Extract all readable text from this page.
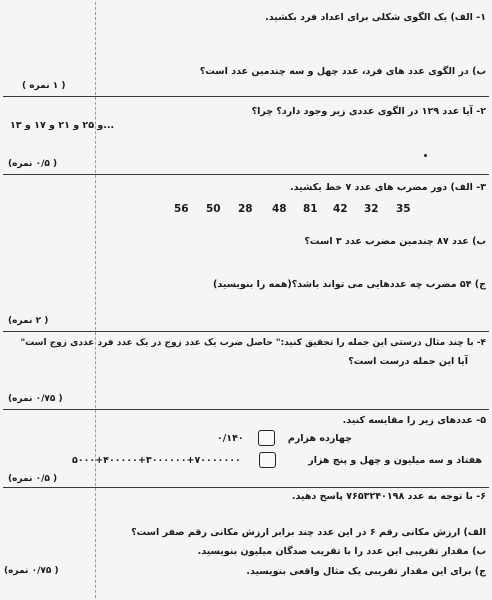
۱- الف) یک الگوی شکلی برای اعداد فرد بکشید.
ب) در الگوی عدد های فرد، عدد چهل و سه چندمین عدد است؟
( ۱ نمره )
۲- آیا عدد ۱۲۹ در الگوی عددی زیر وجود دارد؟ چرا؟
...و ۲۵ و ۲۱ و ۱۷ و ۱۳
( ۰/۵ نمره)
۳- الف) دور مضرب های عدد ۷ خط بکشید.
56 50 28 48 81 42 32 35
ب) عدد ۸۷ چندمین مضرب عدد ۳ است؟
ج) ۵۴ مضرب چه عددهایی می تواند باشد؟(همه را بنویسید)
( ۲ نمره)
۴- با چند مثال درستی این جمله را تحقیق کنید:" حاصل ضرب یک عدد زوج در یک عدد فرد عددی زوج است"
آیا این جمله درست است؟
( ۰/۷۵ نمره)
۵- عددهای زیر را مقایسه کنید.
چهارده هزارم
۰/۱۴۰
هفتاد و سه میلیون و چهل و پنج هزار
۵۰۰۰+۴۰۰۰۰۰+۳۰۰۰۰۰۰+۷۰۰۰۰۰۰۰
( ۰/۵ نمره)
۶- با توجه به عدد ۷۶۵۳۲۴۰۱۹۸ پاسخ دهید.
الف) ارزش مکانی رقم ۶ در این عدد چند برابر ارزش مکانی رقم صفر است؟
ب) مقدار تقریبی این عدد را با تقریب صدگان میلیون بنویسید.
ج) برای این مقدار تقریبی یک مثال واقعی بنویسید.
( ۰/۷۵ نمره)
